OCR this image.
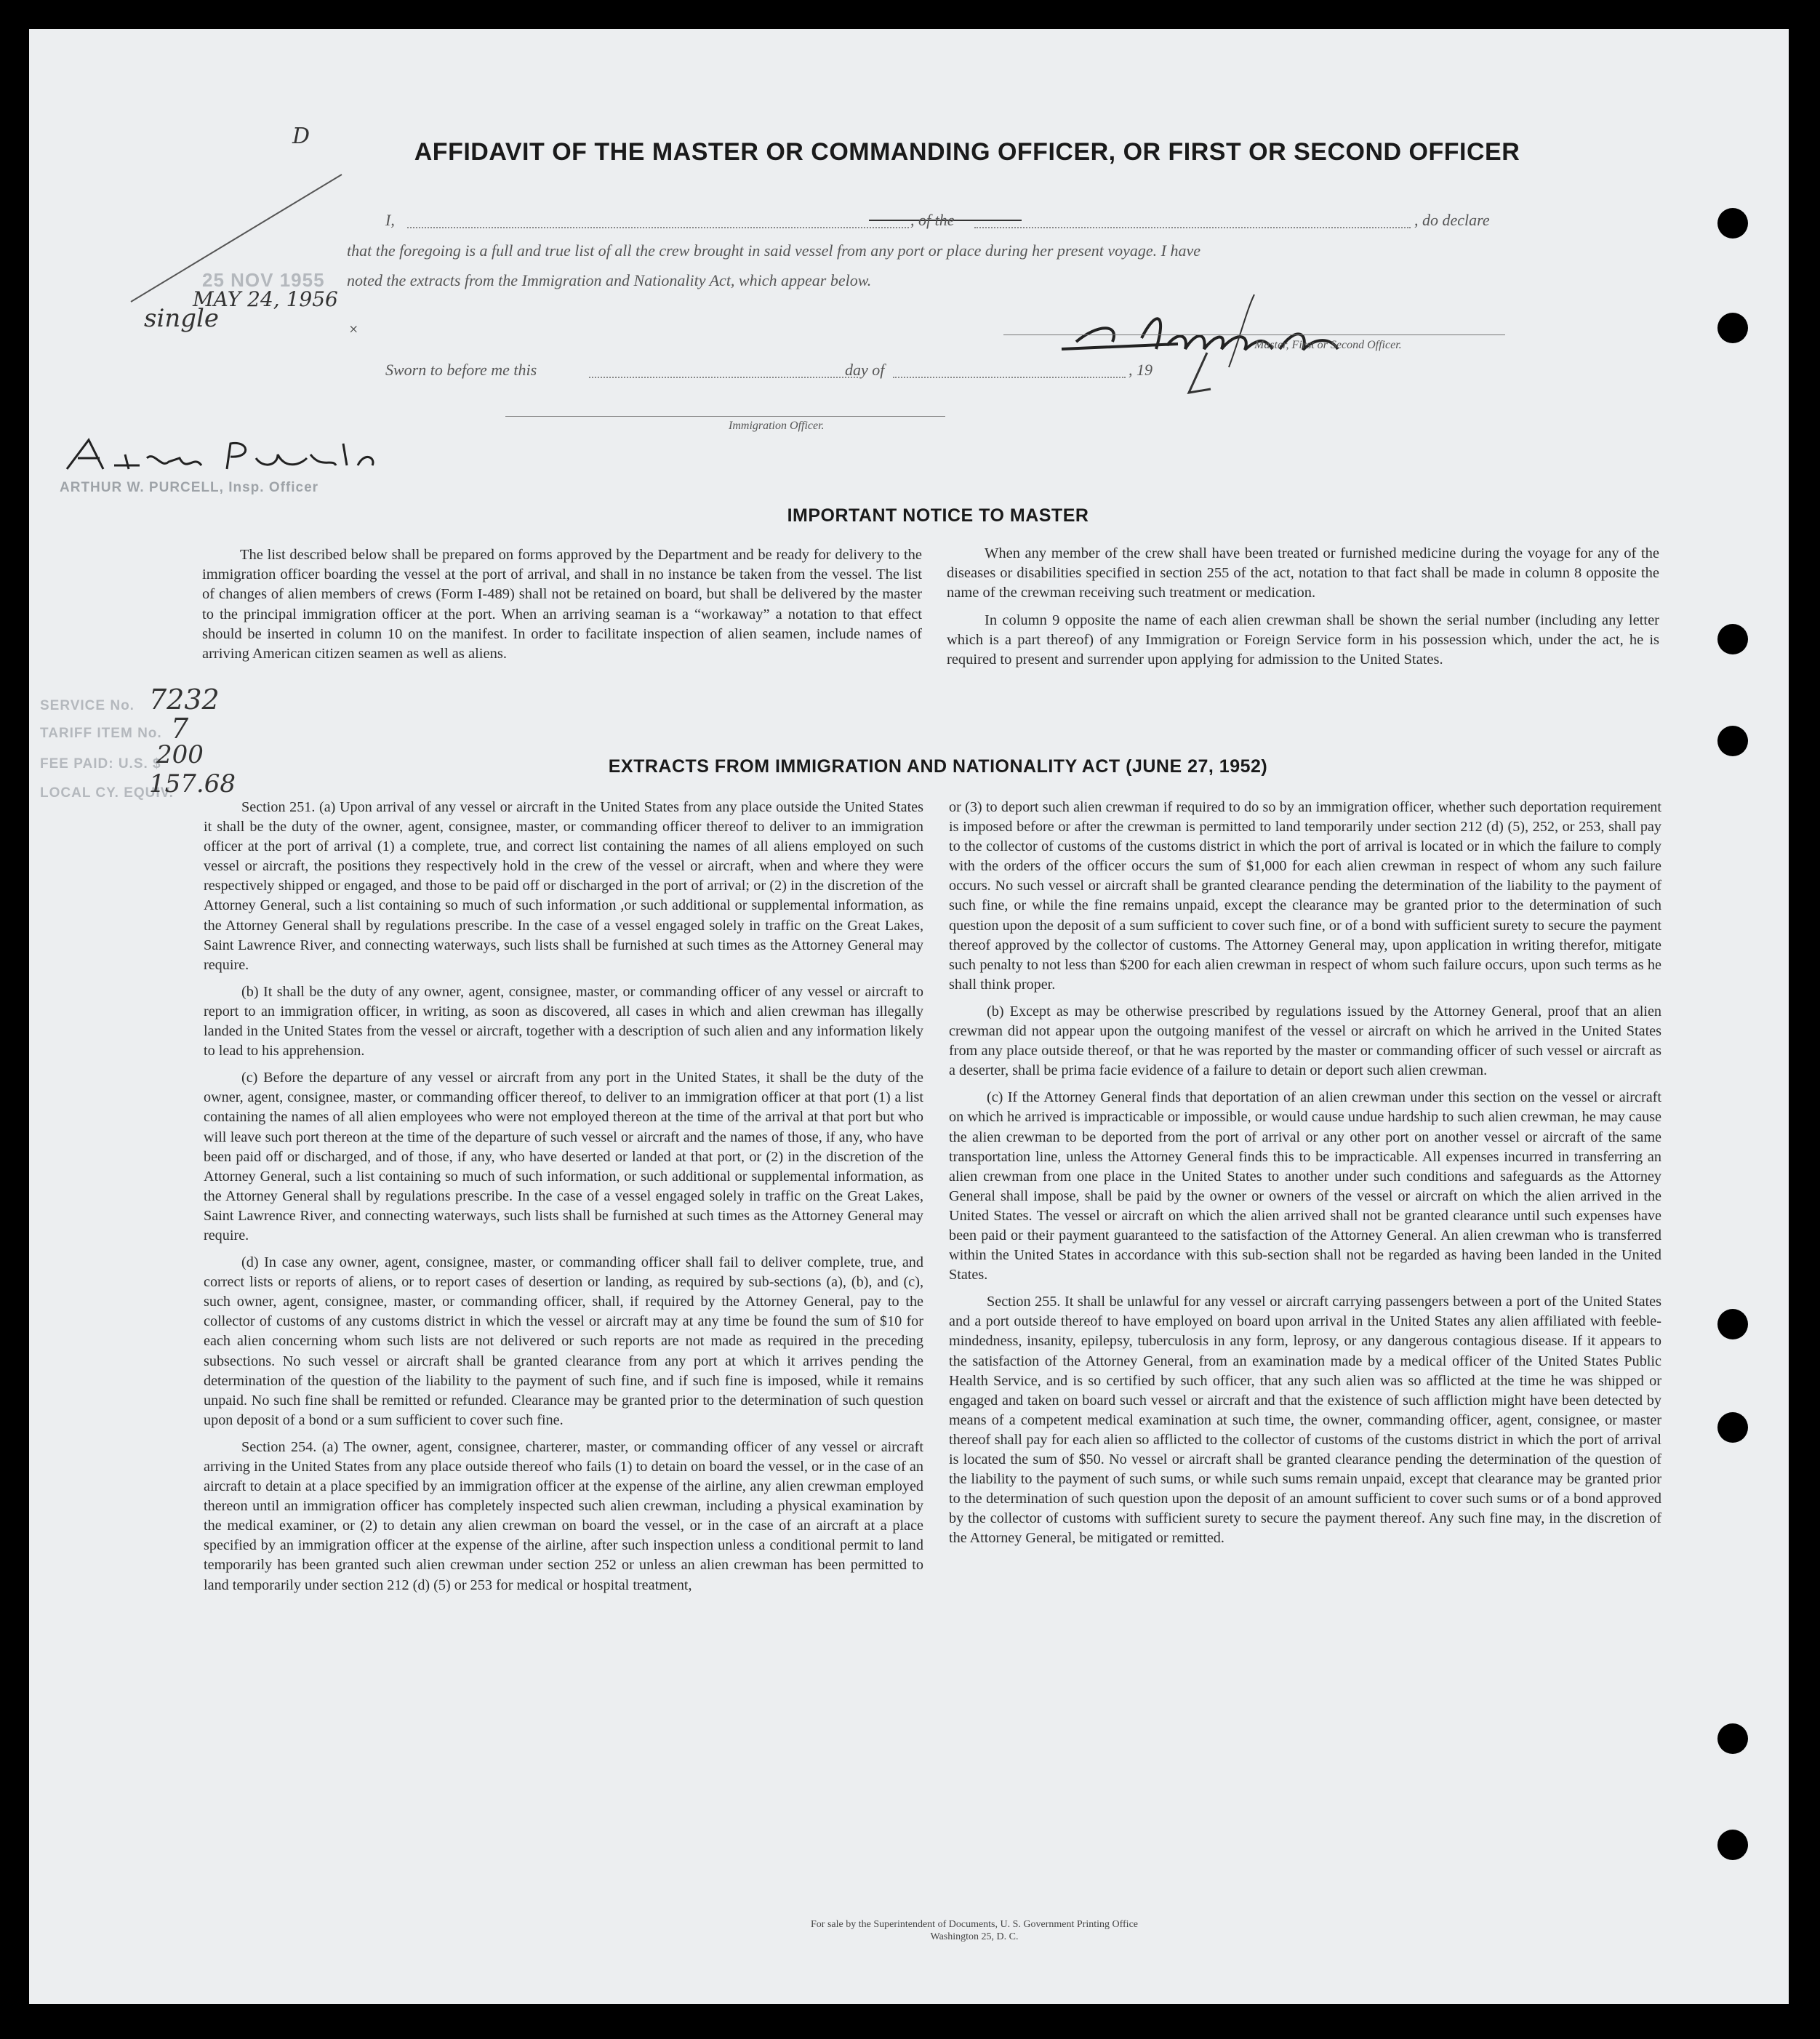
D
AFFIDAVIT OF THE MASTER OR COMMANDING OFFICER, OR FIRST OR SECOND OFFICER
I,	, of the	, do declare
that the foregoing is a full and true list of all the crew brought in said vessel from any port or place during her present voyage. I have
noted the extracts from the Immigration and Nationality Act, which appear below.
Master, First or Second Officer.
Sworn to before me this	day of	, 19
Immigration Officer.
25 NOV 1955
MAY 24, 1956
single	×
ARTHUR W. PURCELL, Insp. Officer
SERVICE No. 7232
TARIFF ITEM No. 7
FEE PAID: U.S. $
200
LOCAL CY. EQUIV.
157.68
IMPORTANT NOTICE TO MASTER

The list described below shall be prepared on forms approved by the Department and be ready for delivery to the immigration officer boarding the vessel at the port of arrival, and shall in no instance be taken from the vessel. The list of changes of alien members of crews (Form I-489) shall not be retained on board, but shall be delivered by the master to the principal immigration officer at the port. When an arriving seaman is a “workaway” a notation to that effect should be inserted in column 10 on the manifest. In order to facilitate inspection of alien seamen, include names of arriving American citizen seamen as well as aliens.

When any member of the crew shall have been treated or furnished medicine during the voyage for any of the diseases or disabilities specified in section 255 of the act, notation to that fact shall be made in column 8 opposite the name of the crewman receiving such treatment or medication.

In column 9 opposite the name of each alien crewman shall be shown the serial number (including any letter which is a part thereof) of any Immigration or Foreign Service form in his possession which, under the act, he is required to present and surrender upon applying for admission to the United States.

EXTRACTS FROM IMMIGRATION AND NATIONALITY ACT (JUNE 27, 1952)

Section 251. (a) Upon arrival of any vessel or aircraft in the United States from any place outside the United States it shall be the duty of the owner, agent, consignee, master, or commanding officer thereof to deliver to an immigration officer at the port of arrival (1) a complete, true, and correct list containing the names of all aliens employed on such vessel or aircraft, the positions they respectively hold in the crew of the vessel or aircraft, when and where they were respectively shipped or engaged, and those to be paid off or discharged in the port of arrival; or (2) in the discretion of the Attorney General, such a list containing so much of such information ,or such additional or supplemental information, as the Attorney General shall by regulations prescribe. In the case of a vessel engaged solely in traffic on the Great Lakes, Saint Lawrence River, and connecting waterways, such lists shall be furnished at such times as the Attorney General may require.

(b) It shall be the duty of any owner, agent, consignee, master, or commanding officer of any vessel or aircraft to report to an immigration officer, in writing, as soon as discovered, all cases in which and alien crewman has illegally landed in the United States from the vessel or aircraft, together with a description of such alien and any information likely to lead to his apprehension.

(c) Before the departure of any vessel or aircraft from any port in the United States, it shall be the duty of the owner, agent, consignee, master, or commanding officer thereof, to deliver to an immigration officer at that port (1) a list containing the names of all alien employees who were not employed thereon at the time of the arrival at that port but who will leave such port thereon at the time of the departure of such vessel or aircraft and the names of those, if any, who have been paid off or discharged, and of those, if any, who have deserted or landed at that port, or (2) in the discretion of the Attorney General, such a list containing so much of such information, or such additional or supplemental information, as the Attorney General shall by regulations prescribe. In the case of a vessel engaged solely in traffic on the Great Lakes, Saint Lawrence River, and connecting waterways, such lists shall be furnished at such times as the Attorney General may require.

(d) In case any owner, agent, consignee, master, or commanding officer shall fail to deliver complete, true, and correct lists or reports of aliens, or to report cases of desertion or landing, as required by sub-sections (a), (b), and (c), such owner, agent, consignee, master, or commanding officer, shall, if required by the Attorney General, pay to the collector of customs of any customs district in which the vessel or aircraft may at any time be found the sum of $10 for each alien concerning whom such lists are not delivered or such reports are not made as required in the preceding subsections. No such vessel or aircraft shall be granted clearance from any port at which it arrives pending the determination of the question of the liability to the payment of such fine, and if such fine is imposed, while it remains unpaid. No such fine shall be remitted or refunded. Clearance may be granted prior to the determination of such question upon deposit of a bond or a sum sufficient to cover such fine.

Section 254. (a) The owner, agent, consignee, charterer, master, or commanding officer of any vessel or aircraft arriving in the United States from any place outside thereof who fails (1) to detain on board the vessel, or in the case of an aircraft to detain at a place specified by an immigration officer at the expense of the airline, any alien crewman employed thereon until an immigration officer has completely inspected such alien crewman, including a physical examination by the medical examiner, or (2) to detain any alien crewman on board the vessel, or in the case of an aircraft at a place specified by an immigration officer at the expense of the airline, after such inspection unless a conditional permit to land temporarily has been granted such alien crewman under section 252 or unless an alien crewman has been permitted to land temporarily under section 212 (d) (5) or 253 for medical or hospital treatment,

or (3) to deport such alien crewman if required to do so by an immigration officer, whether such deportation requirement is imposed before or after the crewman is permitted to land temporarily under section 212 (d) (5), 252, or 253, shall pay to the collector of customs of the customs district in which the port of arrival is located or in which the failure to comply with the orders of the officer occurs the sum of $1,000 for each alien crewman in respect of whom any such failure occurs. No such vessel or aircraft shall be granted clearance pending the determination of the liability to the payment of such fine, or while the fine remains unpaid, except the clearance may be granted prior to the determination of such question upon the deposit of a sum sufficient to cover such fine, or of a bond with sufficient surety to secure the payment thereof approved by the collector of customs. The Attorney General may, upon application in writing therefor, mitigate such penalty to not less than $200 for each alien crewman in respect of whom such failure occurs, upon such terms as he shall think proper.

(b) Except as may be otherwise prescribed by regulations issued by the Attorney General, proof that an alien crewman did not appear upon the outgoing manifest of the vessel or aircraft on which he arrived in the United States from any place outside thereof, or that he was reported by the master or commanding officer of such vessel or aircraft as a deserter, shall be prima facie evidence of a failure to detain or deport such alien crewman.

(c) If the Attorney General finds that deportation of an alien crewman under this section on the vessel or aircraft on which he arrived is impracticable or impossible, or would cause undue hardship to such alien crewman, he may cause the alien crewman to be deported from the port of arrival or any other port on another vessel or aircraft of the same transportation line, unless the Attorney General finds this to be impracticable. All expenses incurred in transferring an alien crewman from one place in the United States to another under such conditions and safeguards as the Attorney General shall impose, shall be paid by the owner or owners of the vessel or aircraft on which the alien arrived in the United States. The vessel or aircraft on which the alien arrived shall not be granted clearance until such expenses have been paid or their payment guaranteed to the satisfaction of the Attorney General. An alien crewman who is transferred within the United States in accordance with this sub-section shall not be regarded as having been landed in the United States.

Section 255. It shall be unlawful for any vessel or aircraft carrying passengers between a port of the United States and a port outside thereof to have employed on board upon arrival in the United States any alien affiliated with feeble-mindedness, insanity, epilepsy, tuberculosis in any form, leprosy, or any dangerous contagious disease. If it appears to the satisfaction of the Attorney General, from an examination made by a medical officer of the United States Public Health Service, and is so certified by such officer, that any such alien was so afflicted at the time he was shipped or engaged and taken on board such vessel or aircraft and that the existence of such affliction might have been detected by means of a competent medical examination at such time, the owner, commanding officer, agent, consignee, or master thereof shall pay for each alien so afflicted to the collector of customs of the customs district in which the port of arrival is located the sum of $50. No vessel or aircraft shall be granted clearance pending the determination of the question of the liability to the payment of such sums, or while such sums remain unpaid, except that clearance may be granted prior to the determination of such question upon the deposit of an amount sufficient to cover such sums or of a bond approved by the collector of customs with sufficient surety to secure the payment thereof. Any such fine may, in the discretion of the Attorney General, be mitigated or remitted.

For sale by the Superintendent of Documents, U. S. Government Printing Office
Washington 25, D. C.
